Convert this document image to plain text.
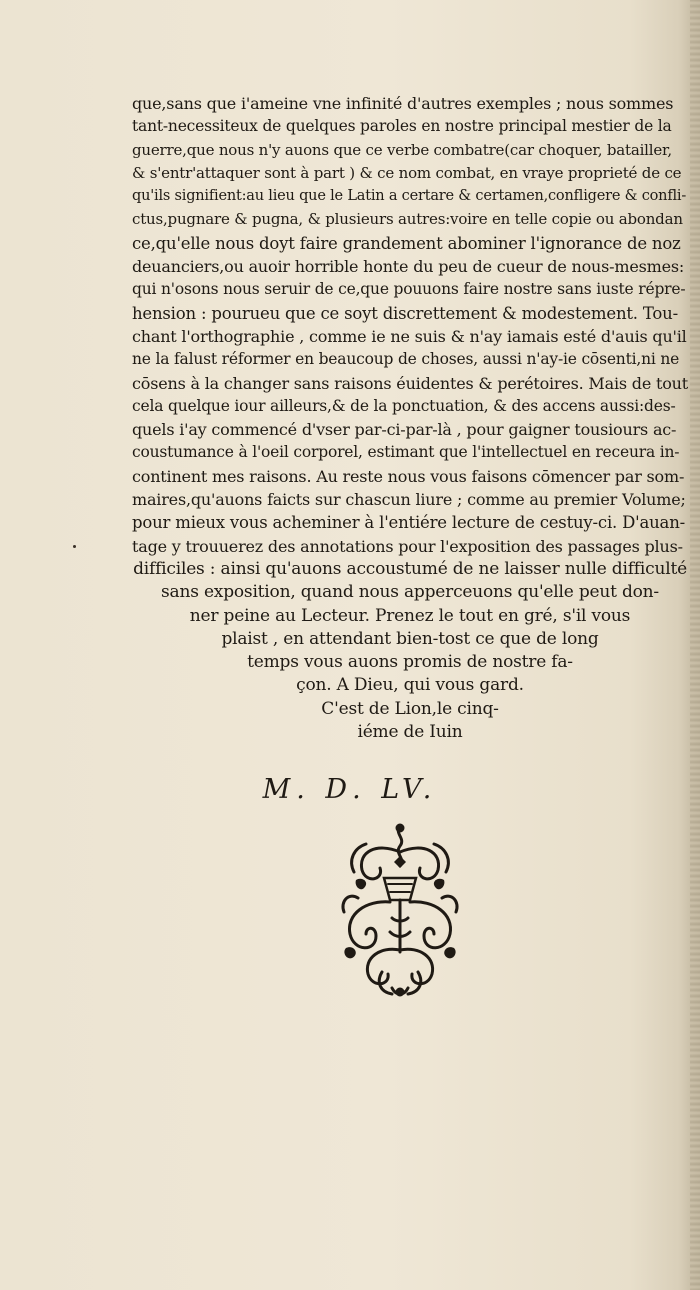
que,sans que i'ameine vne infinité d'autres exemples ; nous sommes
tant-necessiteux de quelques paroles en nostre principal mestier de la
guerre,que nous n'y auons que ce verbe combatre(car choquer, batailler,
& s'entr'attaquer sont à part ) & ce nom combat, en vraye proprieté de ce
qu'ils signifient:au lieu que le Latin a certare & certamen,confligere & confli-
ctus,pugnare & pugna, & plusieurs autres:voire en telle copie ou abondan
ce,qu'elle nous doyt faire grandement abominer l'ignorance de noz
deuanciers,ou auoir horrible honte du peu de cueur de nous-mesmes:
qui n'osons nous seruir de ce,que pouuons faire nostre sans iuste répre-
hension : pourueu que ce soyt discrettement & modestement. Tou-
chant l'orthographie , comme ie ne suis & n'ay iamais esté d'auis qu'il
ne la falust réformer en beaucoup de choses, aussi n'ay-ie cōsenti,ni ne
cōsens à la changer sans raisons éuidentes & perétoires. Mais de tout
cela quelque iour ailleurs,& de la ponctuation, & des accens aussi:des-
quels i'ay commencé d'vser par-ci-par-là , pour gaigner tousiours ac-
coustumance à l'oeil corporel, estimant que l'intellectuel en receura in-
continent mes raisons. Au reste nous vous faisons cōmencer par som-
maires,qu'auons faicts sur chascun liure ; comme au premier Volume;
pour mieux vous acheminer à l'entiére lecture de cestuy-ci. D'auan-
tage y trouuerez des annotations pour l'exposition des passages plus-
difficiles : ainsi qu'auons accoustumé de ne laisser nulle difficulté
sans exposition, quand nous apperceuons qu'elle peut don-
ner peine au Lecteur. Prenez le tout en gré, s'il vous
plaist , en attendant bien-tost ce que de long
temps vous auons promis de nostre fa-
çon. A Dieu, qui vous gard.
C'est de Lion,le cinq-
iéme de Iuin
M. D. LV.
